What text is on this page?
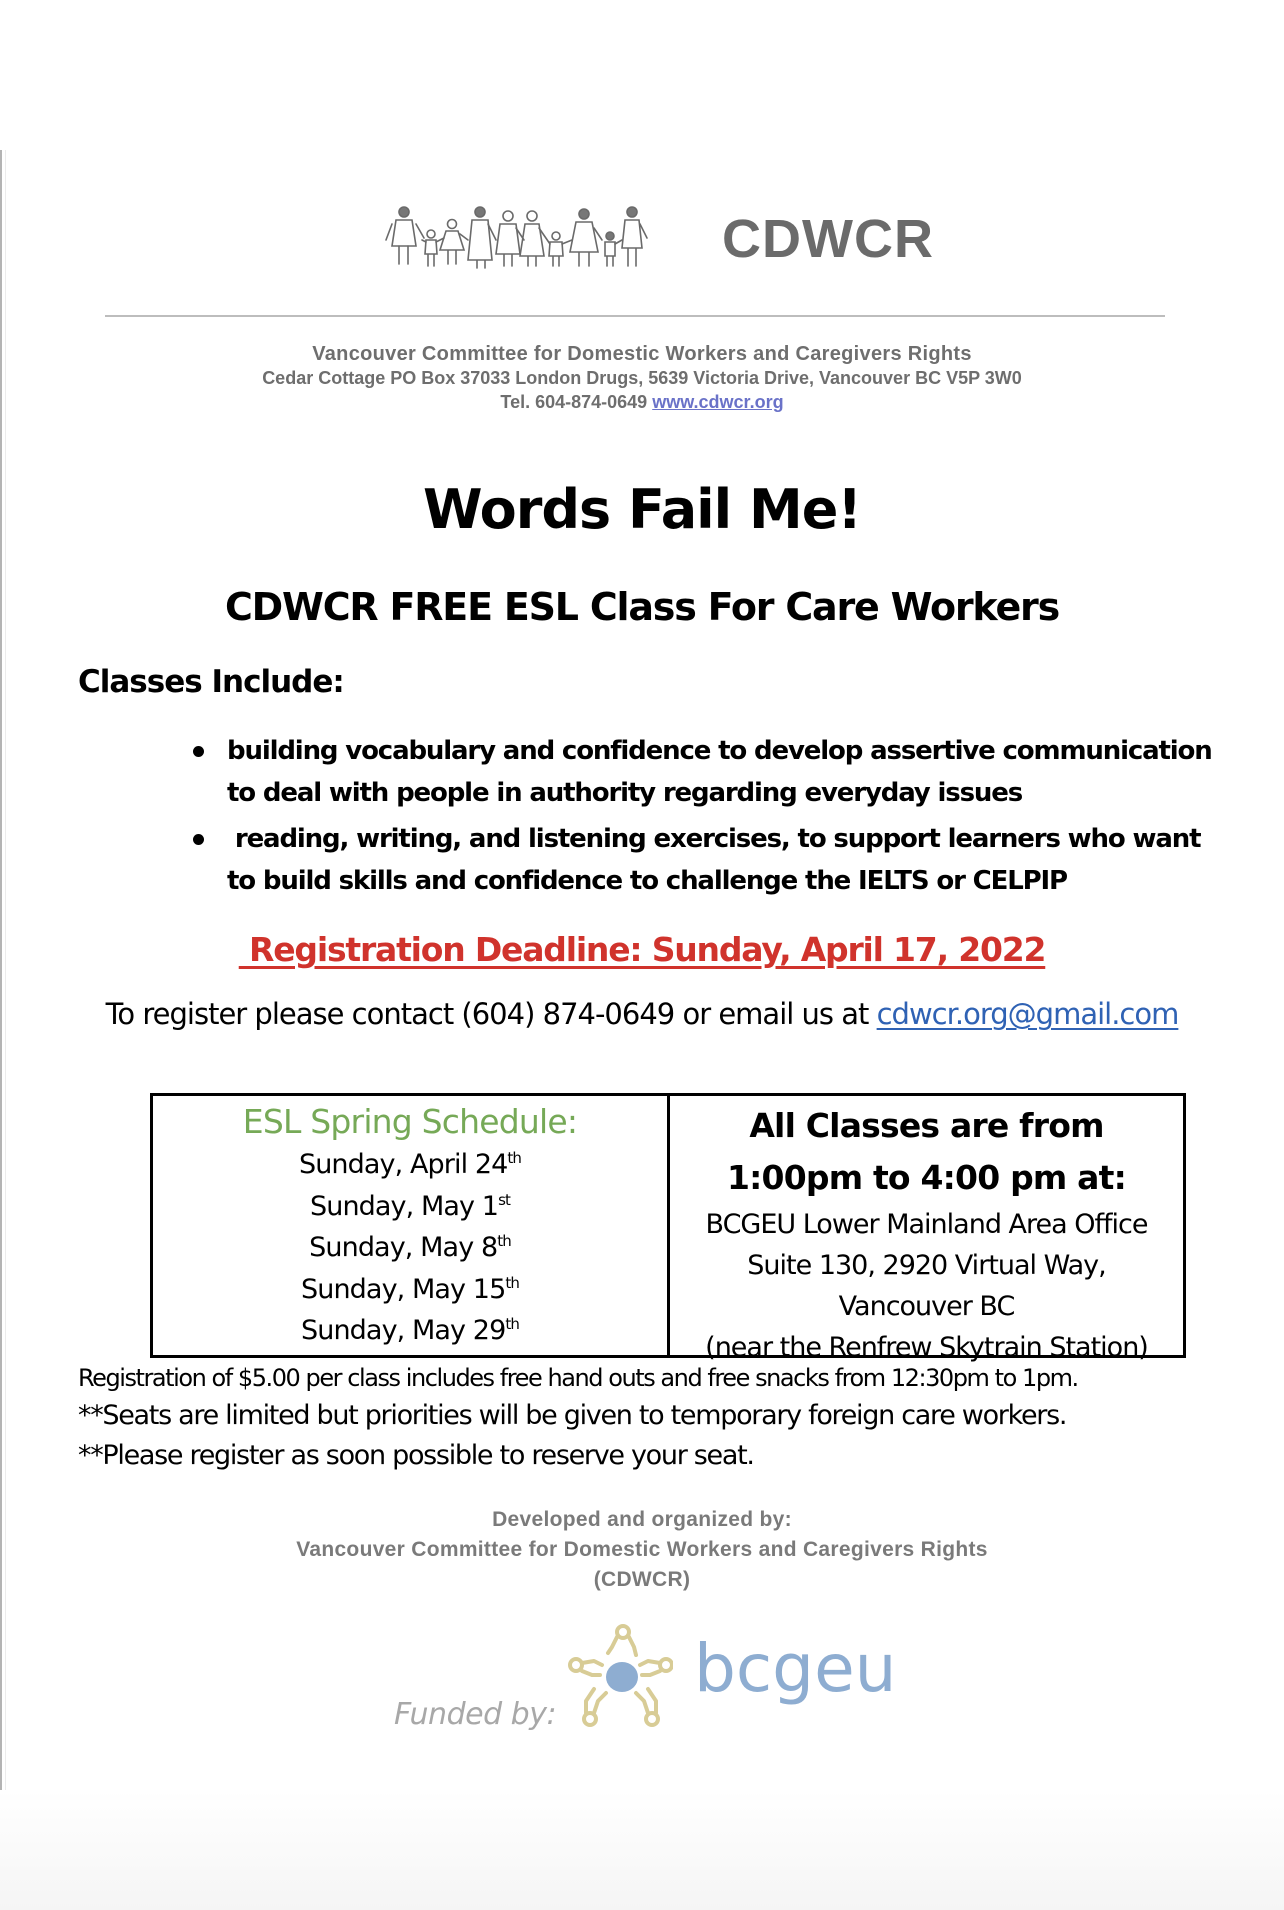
CDWCR
Vancouver Committee for Domestic Workers and Caregivers Rights
Cedar Cottage PO Box 37033 London Drugs, 5639 Victoria Drive, Vancouver BC V5P 3W0
Tel. 604-874-0649 www.cdwcr.org
Words Fail Me!
CDWCR FREE ESL Class For Care Workers
Classes Include:
building vocabulary and confidence to develop assertive communication
to deal with people in authority regarding everyday issues
reading, writing, and listening exercises, to support learners who want
to build skills and confidence to challenge the IELTS or CELPIP
Registration Deadline: Sunday, April 17, 2022
To register please contact (604) 874-0649 or email us at cdwcr.org@gmail.com
ESL Spring Schedule:
Sunday, April 24th
Sunday, May 1st
Sunday, May 8th
Sunday, May 15th
Sunday, May 29th
All Classes are from
1:00pm to 4:00 pm at:
BCGEU Lower Mainland Area Office
Suite 130, 2920 Virtual Way,
Vancouver BC
(near the Renfrew Skytrain Station)
Registration of $5.00 per class includes free hand outs and free snacks from 12:30pm to 1pm.
**Seats are limited but priorities will be given to temporary foreign care workers.
**Please register as soon possible to reserve your seat.
Developed and organized by:
Vancouver Committee for Domestic Workers and Caregivers Rights
(CDWCR)
Funded by:
bcgeu
